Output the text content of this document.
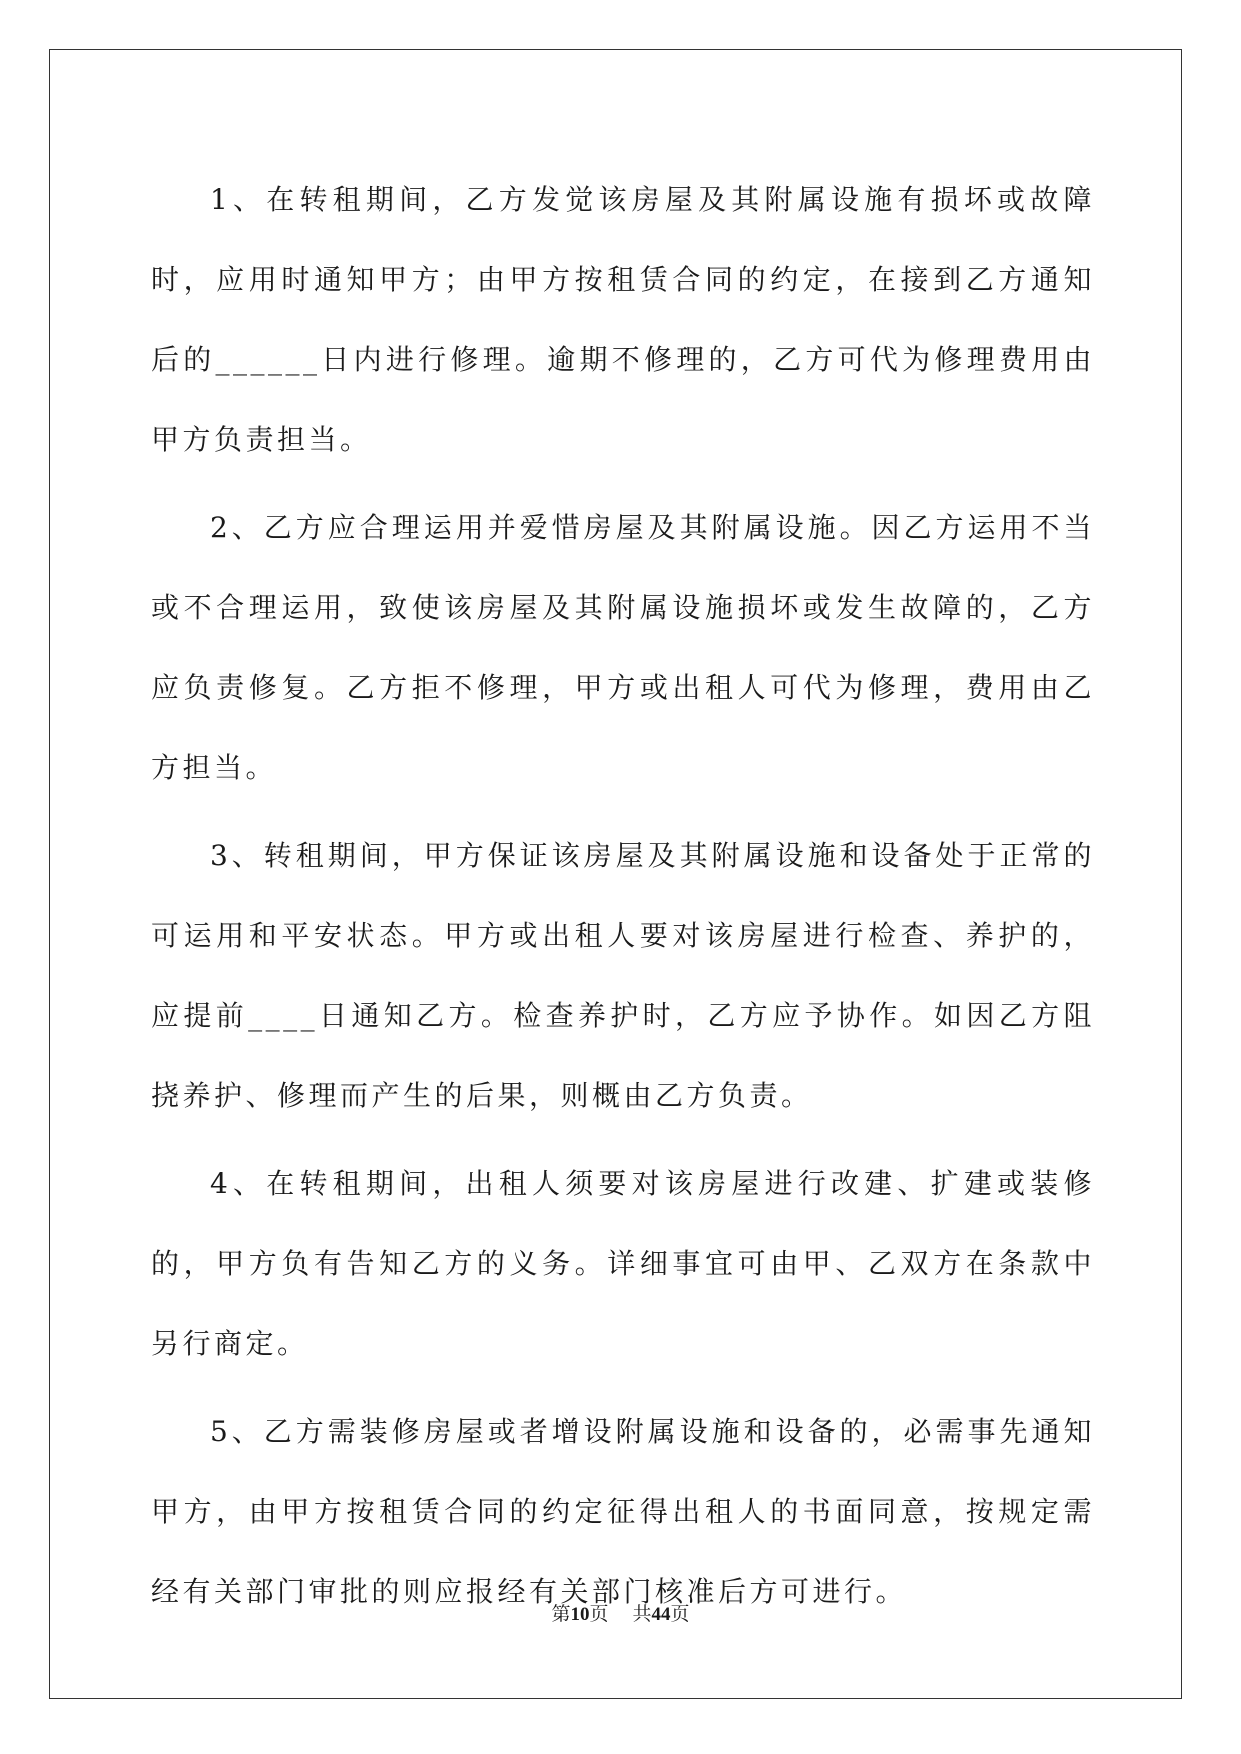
1、在转租期间，乙方发觉该房屋及其附属设施有损坏或故障时，应用时通知甲方；由甲方按租赁合同的约定，在接到乙方通知后的______日内进行修理。逾期不修理的，乙方可代为修理费用由甲方负责担当。

2、乙方应合理运用并爱惜房屋及其附属设施。因乙方运用不当或不合理运用，致使该房屋及其附属设施损坏或发生故障的，乙方应负责修复。乙方拒不修理，甲方或出租人可代为修理，费用由乙方担当。

3、转租期间，甲方保证该房屋及其附属设施和设备处于正常的可运用和平安状态。甲方或出租人要对该房屋进行检查、养护的，应提前____日通知乙方。检查养护时，乙方应予协作。如因乙方阻挠养护、修理而产生的后果，则概由乙方负责。

4、在转租期间，出租人须要对该房屋进行改建、扩建或装修的，甲方负有告知乙方的义务。详细事宜可由甲、乙双方在条款中另行商定。

5、乙方需装修房屋或者增设附属设施和设备的，必需事先通知甲方，由甲方按租赁合同的约定征得出租人的书面同意，按规定需经有关部门审批的则应报经有关部门核准后方可进行。

第10页 共44页
